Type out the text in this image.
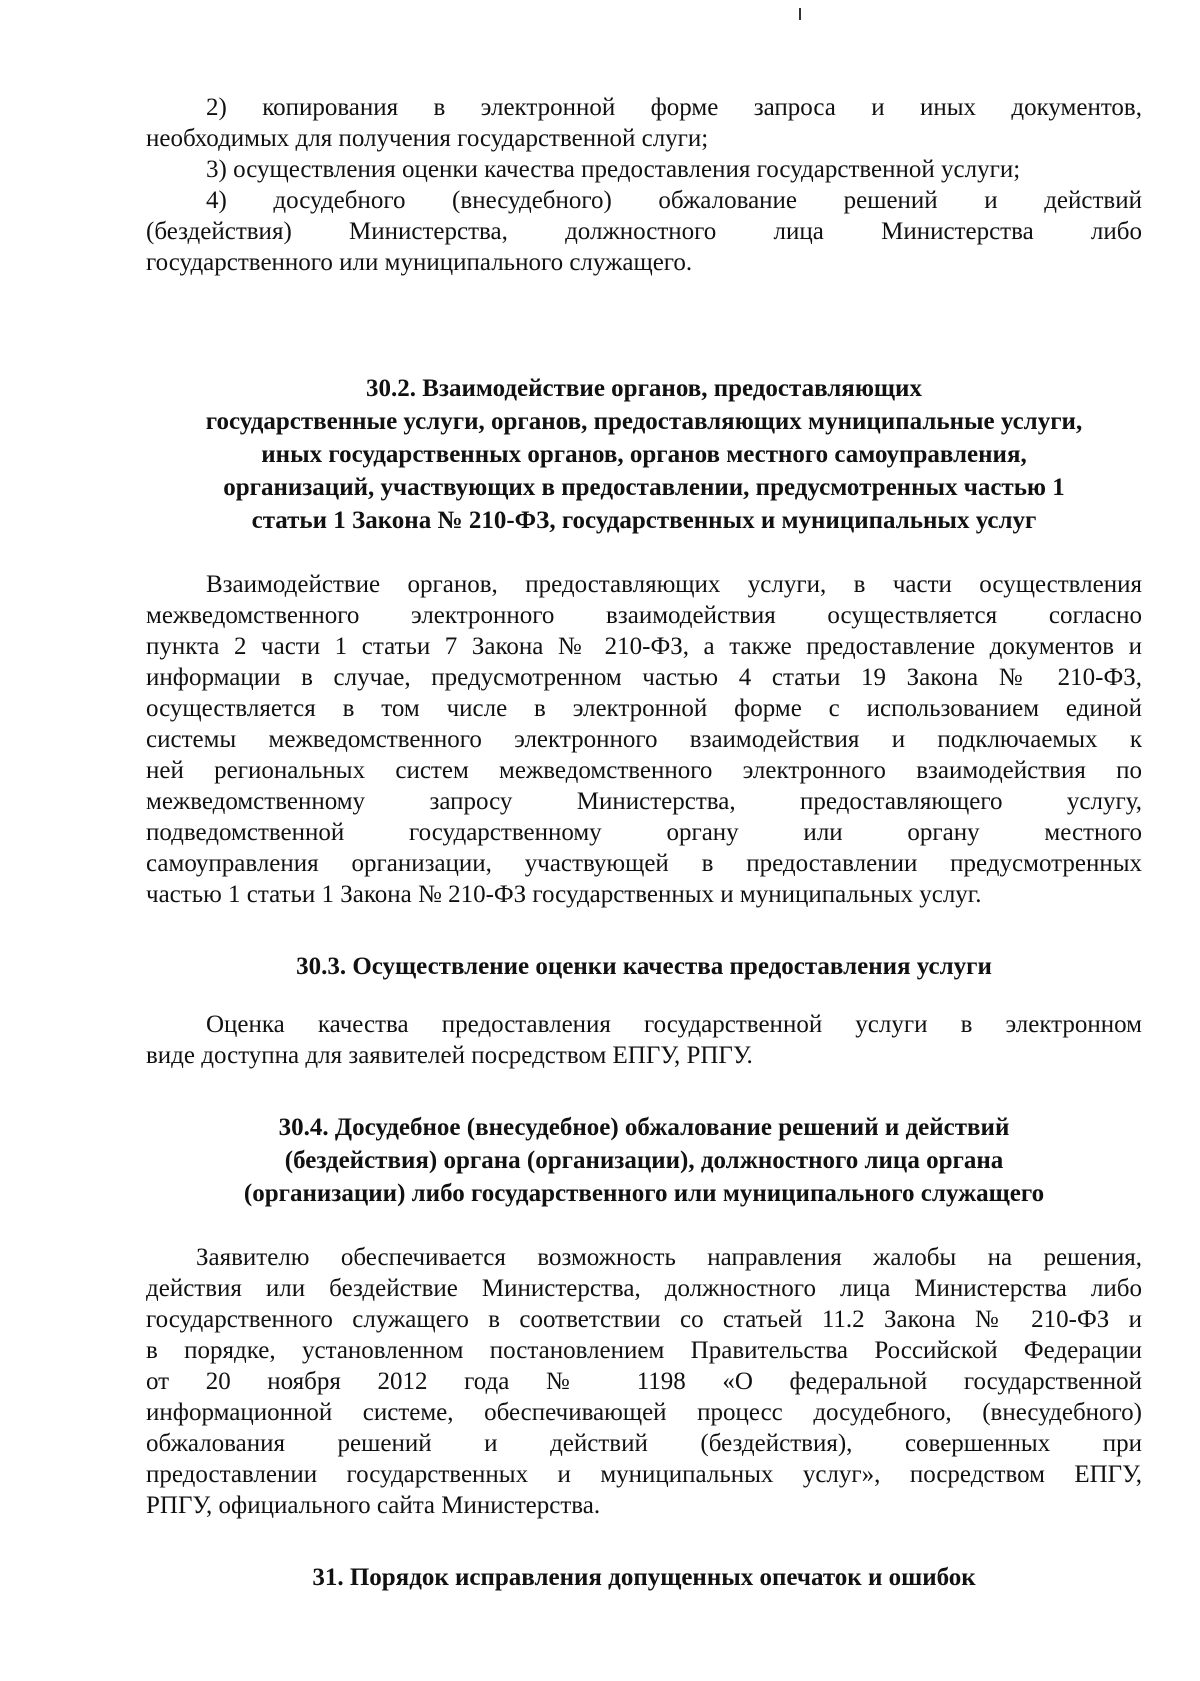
2) копирования в электронной форме запроса и иных документов,
необходимых для получения государственной слуги;
3) осуществления оценки качества предоставления государственной услуги;
4) досудебного (внесудебного) обжалование решений и действий
(бездействия) Министерства, должностного лица Министерства либо
государственного или муниципального служащего.
30.2. Взаимодействие органов, предоставляющих
государственные услуги, органов, предоставляющих муниципальные услуги,
иных государственных органов, органов местного самоуправления,
организаций, участвующих в предоставлении, предусмотренных частью 1
статьи 1 Закона № 210-ФЗ, государственных и муниципальных услуг
Взаимодействие органов, предоставляющих услуги, в части осуществления
межведомственного электронного взаимодействия осуществляется согласно
пункта 2 части 1 статьи 7 Закона № 210-ФЗ, а также предоставление документов и
информации в случае, предусмотренном частью 4 статьи 19 Закона № 210-ФЗ,
осуществляется в том числе в электронной форме с использованием единой
системы межведомственного электронного взаимодействия и подключаемых к
ней региональных систем межведомственного электронного взаимодействия по
межведомственному запросу Министерства, предоставляющего услугу,
подведомственной государственному органу или органу местного
самоуправления организации, участвующей в предоставлении предусмотренных
частью 1 статьи 1 Закона № 210-ФЗ государственных и муниципальных услуг.
30.3. Осуществление оценки качества предоставления услуги
Оценка качества предоставления государственной услуги в электронном
виде доступна для заявителей посредством ЕПГУ, РПГУ.
30.4. Досудебное (внесудебное) обжалование решений и действий
(бездействия) органа (организации), должностного лица органа
(организации) либо государственного или муниципального служащего
Заявителю обеспечивается возможность направления жалобы на решения,
действия или бездействие Министерства, должностного лица Министерства либо
государственного служащего в соответствии со статьей 11.2 Закона № 210-ФЗ и
в порядке, установленном постановлением Правительства Российской Федерации
от 20 ноября 2012 года № 1198 «О федеральной государственной
информационной системе, обеспечивающей процесс досудебного, (внесудебного)
обжалования решений и действий (бездействия), совершенных при
предоставлении государственных и муниципальных услуг», посредством ЕПГУ,
РПГУ, официального сайта Министерства.
31. Порядок исправления допущенных опечаток и ошибок
